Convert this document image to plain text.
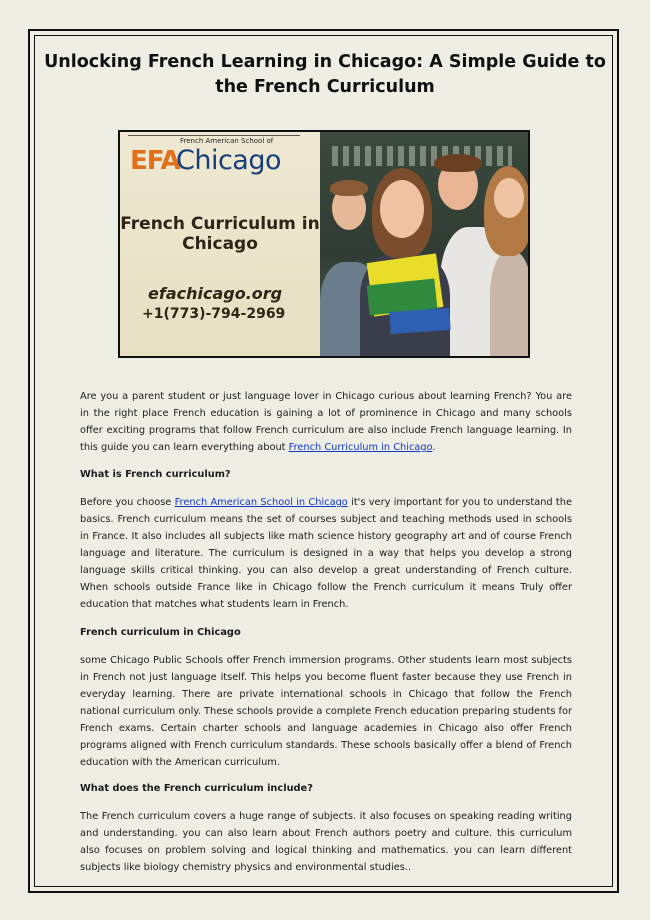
Unlocking French Learning in Chicago: A Simple Guide to the French Curriculum
French American School of
EFA
Chicago
French Curriculum in Chicago
efachicago.org
+1(773)-794-2969

Are you a parent student or just language lover in Chicago curious about learning French? You are in the right place French education is gaining a lot of prominence in Chicago and many schools offer exciting programs that follow French curriculum are also include French language learning. In this guide you can learn everything about French Curriculum in Chicago.

What is French curriculum?

Before you choose French American School in Chicago it's very important for you to understand the basics. French curriculum means the set of courses subject and teaching methods used in schools in France. It also includes all subjects like math science history geography art and of course French language and literature. The curriculum is designed in a way that helps you develop a strong language skills critical thinking. you can also develop a great understanding of French culture. When schools outside France like in Chicago follow the French curriculum it means Truly offer education that matches what students learn in French.

French curriculum in Chicago

some Chicago Public Schools offer French immersion programs. Other students learn most subjects in French not just language itself. This helps you become fluent faster because they use French in everyday learning. There are private international schools in Chicago that follow the French national curriculum only. These schools provide a complete French education preparing students for French exams. Certain charter schools and language academies in Chicago also offer French programs aligned with French curriculum standards. These schools basically offer a blend of French education with the American curriculum.

What does the French curriculum include?

The French curriculum covers a huge range of subjects. it also focuses on speaking reading writing and understanding. you can also learn about French authors poetry and culture. this curriculum also focuses on problem solving and logical thinking and mathematics. you can learn different subjects like biology chemistry physics and environmental studies..
